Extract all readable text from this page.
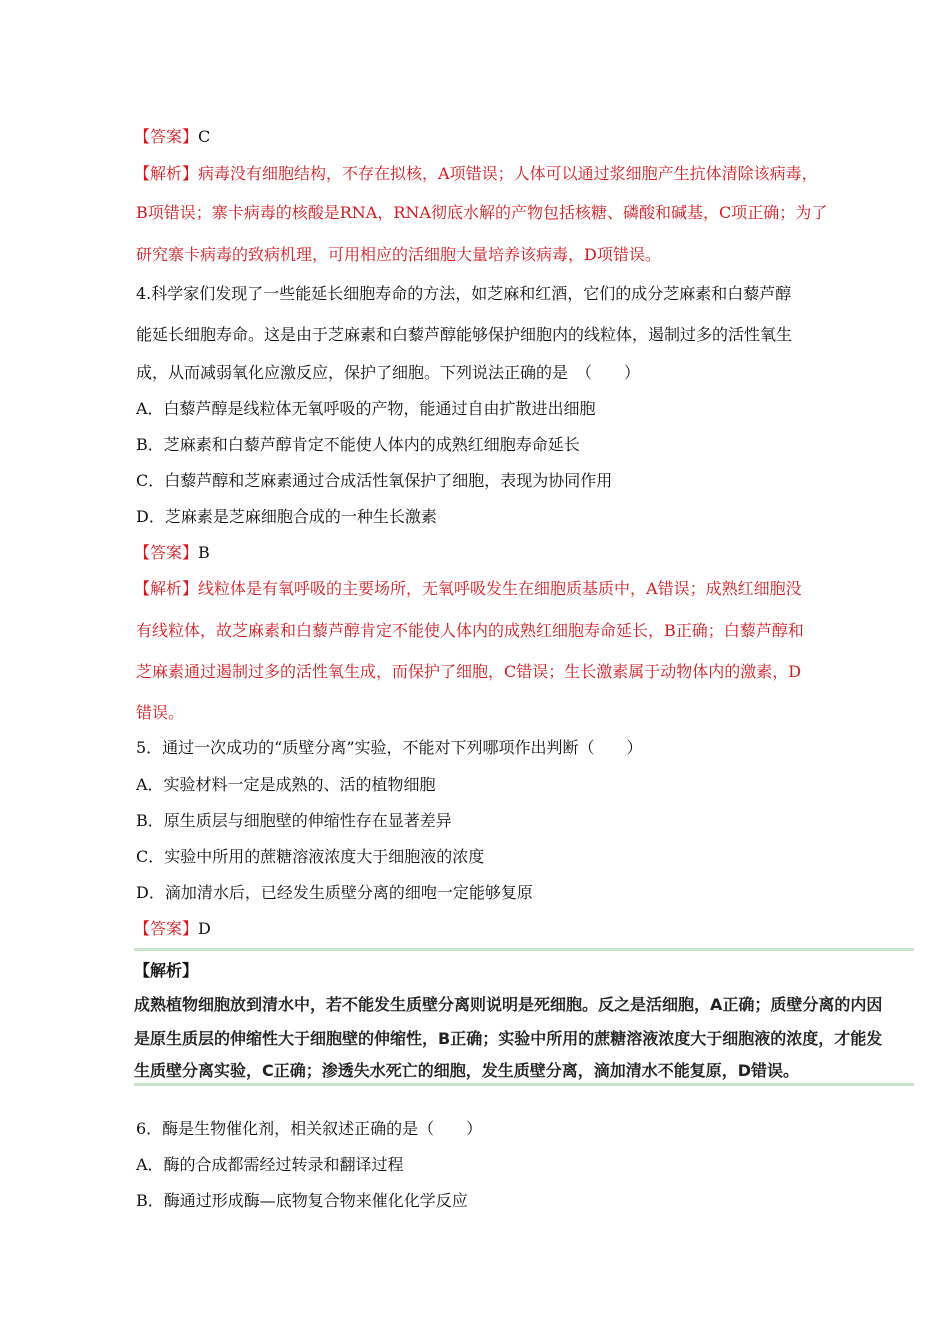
【答案】C
【解析】病毒没有细胞结构，不存在拟核，A项错误；人体可以通过浆细胞产生抗体清除该病毒，
B项错误；寨卡病毒的核酸是RNA，RNA彻底水解的产物包括核糖、磷酸和碱基，C项正确；为了
研究寨卡病毒的致病机理，可用相应的活细胞大量培养该病毒，D项错误。
4.科学家们发现了一些能延长细胞寿命的方法，如芝麻和红酒，它们的成分芝麻素和白藜芦醇
能延长细胞寿命。这是由于芝麻素和白藜芦醇能够保护细胞内的线粒体，遏制过多的活性氧生
成，从而减弱氧化应激反应，保护了细胞。下列说法正确的是　（　　）
A．白藜芦醇是线粒体无氧呼吸的产物，能通过自由扩散进出细胞
B．芝麻素和白藜芦醇肯定不能使人体内的成熟红细胞寿命延长
C．白藜芦醇和芝麻素通过合成活性氧保护了细胞，表现为协同作用
D．芝麻素是芝麻细胞合成的一种生长激素
【答案】B
【解析】线粒体是有氧呼吸的主要场所，无氧呼吸发生在细胞质基质中，A错误；成熟红细胞没
有线粒体，故芝麻素和白藜芦醇肯定不能使人体内的成熟红细胞寿命延长，B正确；白藜芦醇和
芝麻素通过遏制过多的活性氧生成，而保护了细胞，C错误；生长激素属于动物体内的激素，D
错误。
5．通过一次成功的“质壁分离”实验，不能对下列哪项作出判断（　　）
A．实验材料一定是成熟的、活的植物细胞
B．原生质层与细胞壁的伸缩性存在显著差异
C．实验中所用的蔗糖溶液浓度大于细胞液的浓度
D．滴加清水后，已经发生质壁分离的细咆一定能够复原
【答案】D
【解析】
成熟植物细胞放到清水中，若不能发生质壁分离则说明是死细胞。反之是活细胞，A正确；质壁分离的内因
是原生质层的伸缩性大于细胞壁的伸缩性，B正确；实验中所用的蔗糖溶液浓度大于细胞液的浓度，才能发
生质壁分离实验，C正确；渗透失水死亡的细胞，发生质壁分离，滴加清水不能复原，D错误。
6．酶是生物催化剂，相关叙述正确的是（　　）
A．酶的合成都需经过转录和翻译过程
B．酶通过形成酶—底物复合物来催化化学反应
